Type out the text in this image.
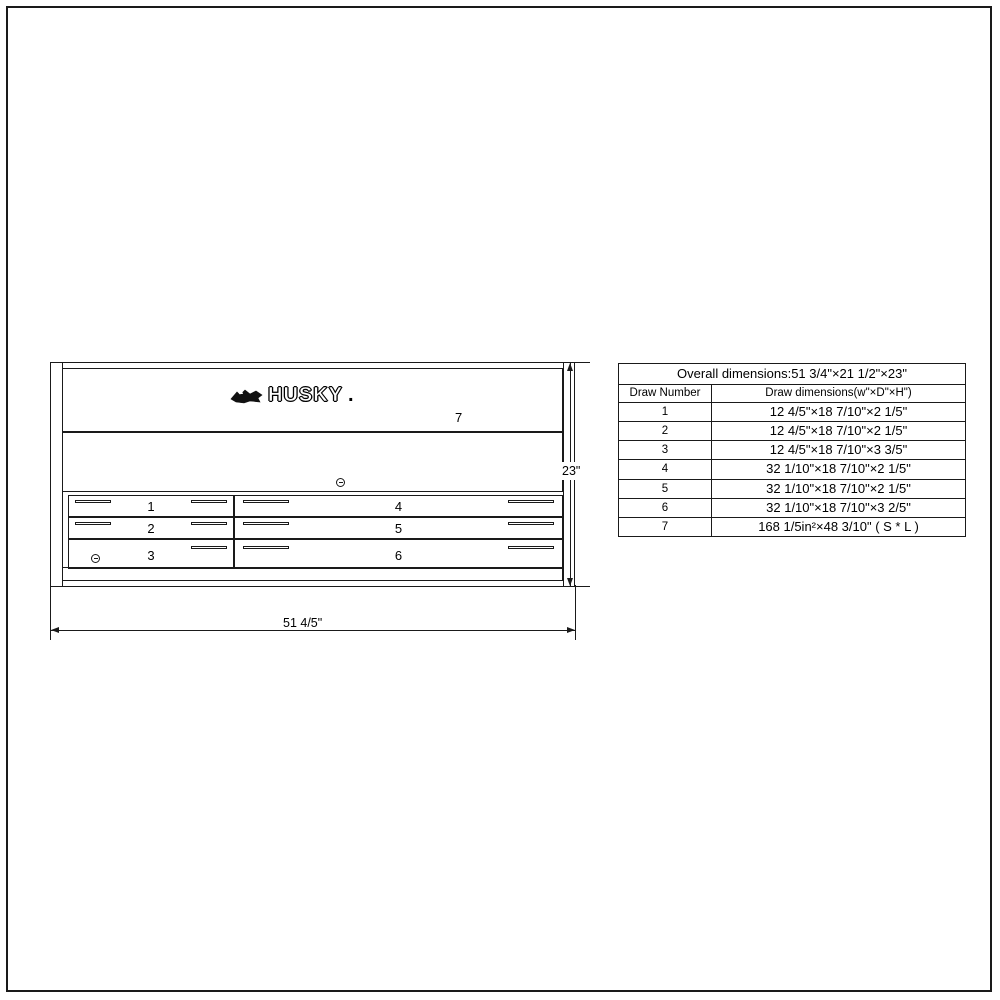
HUSKY .
7
1
2
3
4
5
6
51 4/5"
23"
Overall dimensions:51 3/4"×21 1/2"×23"	
Draw Number	Draw dimensions(w"×D"×H")
1	12 4/5"×18 7/10"×2 1/5"
2	12 4/5"×18 7/10"×2 1/5"
3	12 4/5"×18 7/10"×3 3/5"
4	32 1/10"×18 7/10"×2 1/5"
5	32 1/10"×18 7/10"×2 1/5"
6	32 1/10"×18 7/10"×3 2/5"
7	168 1/5in²×48 3/10" ( S * L )
